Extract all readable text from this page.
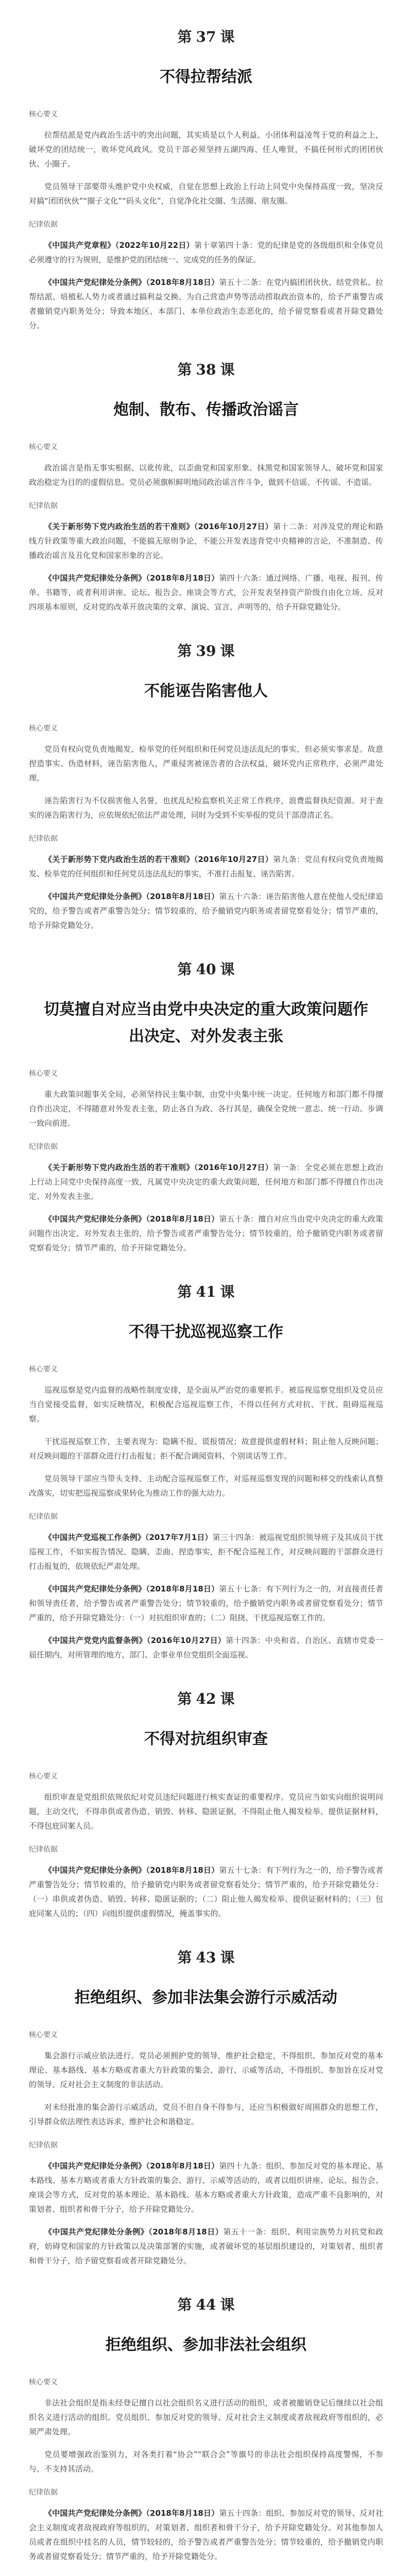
第 37 课
不得拉帮结派
核心要义

拉帮结派是党内政治生活中的突出问题，其实质是以个人利益、小团体利益凌驾于党的利益之上，破坏党的团结统一，败坏党风政风。党员干部必须坚持五湖四海、任人唯贤，不搞任何形式的团团伙伙、小圈子。

党员领导干部要带头维护党中央权威，自觉在思想上政治上行动上同党中央保持高度一致，坚决反对搞“团团伙伙”“圈子文化”“码头文化”，自觉净化社交圈、生活圈、朋友圈。

纪律依据

《中国共产党章程》（2022年10月22日）第十章第四十条：党的纪律是党的各级组织和全体党员必须遵守的行为规则，是维护党的团结统一、完成党的任务的保证。

《中国共产党纪律处分条例》（2018年8月18日）第五十二条：在党内搞团团伙伙、结党营私、拉帮结派、培植私人势力或者通过搞利益交换、为自己营造声势等活动捞取政治资本的，给予严重警告或者撤销党内职务处分；导致本地区、本部门、本单位政治生态恶化的，给予留党察看或者开除党籍处分。

第 38 课
炮制、散布、传播政治谣言
核心要义

政治谣言是指无事实根据、以讹传讹，以歪曲党和国家形象、抹黑党和国家领导人、破坏党和国家政治稳定为目的的虚假信息。党员必须旗帜鲜明地同政治谣言作斗争，做到不信谣、不传谣、不造谣。

纪律依据

《关于新形势下党内政治生活的若干准则》（2016年10月27日）第十二条：对涉及党的理论和路线方针政策等重大政治问题，不能搞无原则争论，不能公开发表违背党中央精神的言论，不准制造、传播政治谣言及丑化党和国家形象的言论。

《中国共产党纪律处分条例》（2018年8月18日）第四十六条：通过网络、广播、电视、报刊、传单、书籍等，或者利用讲座、论坛、报告会、座谈会等方式，公开发表坚持资产阶级自由化立场、反对四项基本原则，反对党的改革开放决策的文章、演说、宣言、声明等的，给予开除党籍处分。

第 39 课
不能诬告陷害他人
核心要义

党员有权向党负责地揭发、检举党的任何组织和任何党员违法乱纪的事实，但必须实事求是。故意捏造事实、伪造材料，诬告陷害他人，严重侵害被诬告者的合法权益，破坏党内正常秩序，必须严肃处理。

诬告陷害行为不仅损害他人名誉，也扰乱纪检监察机关正常工作秩序，浪费监督执纪资源。对于查实的诬告陷害行为，应依规依纪依法严肃处理，同时为受到不实举报的党员干部澄清正名。

纪律依据

《关于新形势下党内政治生活的若干准则》（2016年10月27日）第九条：党员有权向党负责地揭发、检举党的任何组织和任何党员违法乱纪的事实，不准打击报复、诬告陷害。

《中国共产党纪律处分条例》（2018年8月18日）第五十六条：诬告陷害他人意在使他人受纪律追究的，给予警告或者严重警告处分；情节较重的，给予撤销党内职务或者留党察看处分；情节严重的，给予开除党籍处分。

第 40 课
切莫擅自对应当由党中央决定的重大政策问题作出决定、对外发表主张
核心要义

重大政策问题事关全局，必须坚持民主集中制，由党中央集中统一决定。任何地方和部门都不得擅自作出决定，不得随意对外发表主张，防止各自为政、各行其是，确保全党统一意志、统一行动、步调一致向前进。

纪律依据

《关于新形势下党内政治生活的若干准则》（2016年10月27日）第一条：全党必须在思想上政治上行动上同党中央保持高度一致，凡属党中央决定的重大政策问题，任何地方和部门都不得擅自作出决定、对外发表主张。

《中国共产党纪律处分条例》（2018年8月18日）第五十条：擅自对应当由党中央决定的重大政策问题作出决定、对外发表主张的，给予警告或者严重警告处分；情节较重的，给予撤销党内职务或者留党察看处分；情节严重的，给予开除党籍处分。

第 41 课
不得干扰巡视巡察工作
核心要义

巡视巡察是党内监督的战略性制度安排，是全面从严治党的重要抓手。被巡视巡察党组织及党员应当自觉接受监督，如实反映情况，积极配合巡视巡察工作，不得以任何方式对抗、干扰、阻碍巡视巡察。

干扰巡视巡察工作，主要表现为：隐瞒不报、谎报情况；故意提供虚假材料；阻止他人反映问题；对反映问题的干部群众进行打击报复；拒不配合调阅资料、个别谈话等工作。

党员领导干部应当带头支持、主动配合巡视巡察工作，对巡视巡察发现的问题和移交的线索认真整改落实，切实把巡视巡察成果转化为推动工作的强大动力。

纪律依据

《中国共产党巡视工作条例》（2017年7月1日）第三十四条：被巡视党组织领导班子及其成员干扰巡视工作，不如实报告情况、隐瞒、歪曲、捏造事实，拒不配合巡视工作，对反映问题的干部群众进行打击报复的，依规依纪严肃处理。

《中国共产党纪律处分条例》（2018年8月18日）第五十七条：有下列行为之一的，对直接责任者和领导责任者，给予警告或者严重警告处分；情节较重的，给予撤销党内职务或者留党察看处分；情节严重的，给予开除党籍处分：（一）对抗组织审查的；（二）阻挠、干扰巡视巡察工作的。

《中国共产党党内监督条例》（2016年10月27日）第十四条：中央和省、自治区、直辖市党委一届任期内，对所管理的地方、部门、企事业单位党组织全面巡视。

第 42 课
不得对抗组织审查
核心要义

组织审查是党组织依规依纪对党员违纪问题进行核实查证的重要程序。党员应当如实向组织说明问题，主动交代，不得串供或者伪造、销毁、转移、隐匿证据，不得阻止他人揭发检举、提供证据材料，不得包庇同案人员。

纪律依据

《中国共产党纪律处分条例》（2018年8月18日）第五十七条：有下列行为之一的，给予警告或者严重警告处分；情节较重的，给予撤销党内职务或者留党察看处分；情节严重的，给予开除党籍处分：（一）串供或者伪造、销毁、转移、隐匿证据的；（二）阻止他人揭发检举、提供证据材料的；（三）包庇同案人员的；（四）向组织提供虚假情况，掩盖事实的。

第 43 课
拒绝组织、参加非法集会游行示威活动
核心要义

集会游行示威应依法进行。党员必须拥护党的领导，维护社会稳定，不得组织、参加反对党的基本理论、基本路线、基本方略或者重大方针政策的集会、游行、示威等活动，不得组织、参加旨在反对党的领导、反对社会主义制度的非法活动。

对未经批准的集会游行示威活动，党员不但自身不得参与，还应当积极做好周围群众的思想工作，引导群众依法理性表达诉求，维护社会和谐稳定。

纪律依据

《中国共产党纪律处分条例》（2018年8月18日）第四十九条：组织、参加反对党的基本理论、基本路线、基本方略或者重大方针政策的集会、游行、示威等活动的，或者以组织讲座、论坛、报告会、座谈会等方式，反对党的基本理论、基本路线、基本方略或者重大方针政策，造成严重不良影响的，对策划者、组织者和骨干分子，给予开除党籍处分。

《中国共产党纪律处分条例》（2018年8月18日）第五十一条：组织、利用宗族势力对抗党和政府，妨碍党和国家的方针政策以及决策部署的实施，或者破坏党的基层组织建设的，对策划者、组织者和骨干分子，给予留党察看或者开除党籍处分。

第 44 课
拒绝组织、参加非法社会组织
核心要义

非法社会组织是指未经登记擅自以社会组织名义进行活动的组织，或者被撤销登记后继续以社会组织名义进行活动的组织。党员组织、参加反对党的领导、反对社会主义制度或者敌视政府等组织的，必须严肃处理。

党员要增强政治鉴别力，对各类打着“协会”“联合会”等旗号的非法社会组织保持高度警惕，不参与、不支持其活动。

纪律依据

《中国共产党纪律处分条例》（2018年8月18日）第五十四条：组织、参加反对党的领导、反对社会主义制度或者敌视政府等组织的，对策划者、组织者和骨干分子，给予开除党籍处分。对其他参加人员或者在组织中挂名的人员，情节较轻的，给予警告或者严重警告处分；情节较重的，给予撤销党内职务或者留党察看处分；情节严重的，给予开除党籍处分。
